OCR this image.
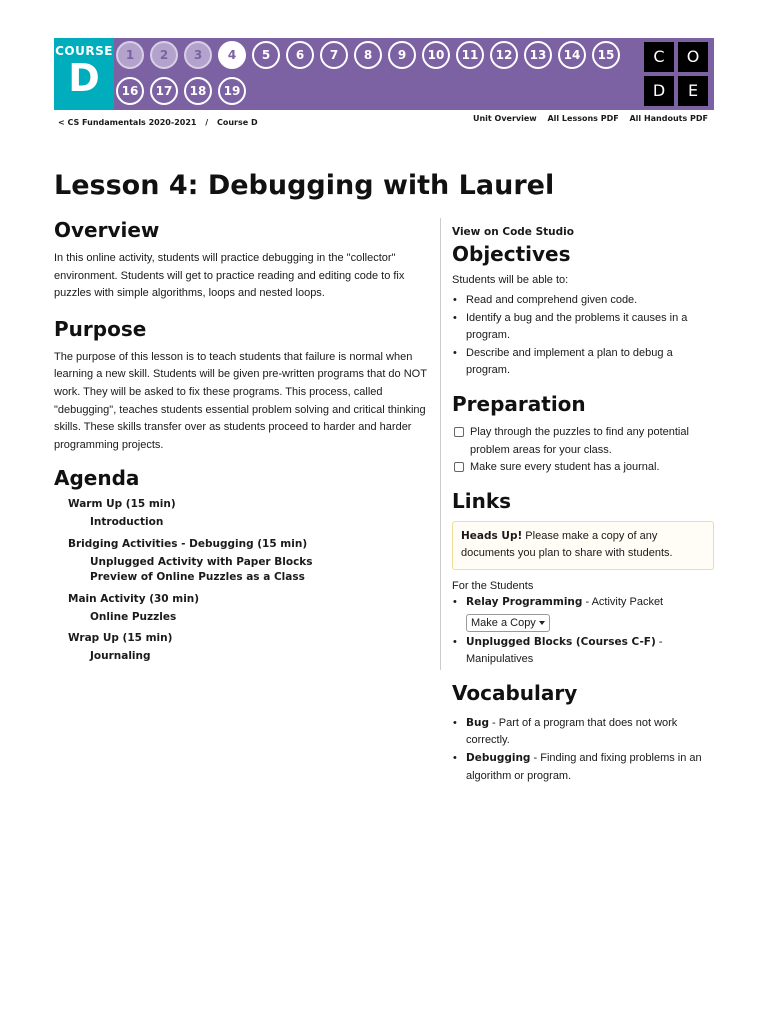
COURSE
D
1	2	3	4	5	6	7	8	9	10	11	12	13	14	15
16	17	18	19
C	O
D	E
< CS Fundamentals 2020-2021 / Course D	Unit Overview All Lessons PDF All Handouts PDF
Lesson 4: Debugging with Laurel
Overview

In this online activity, students will practice debugging in the "collector" environment. Students will get to practice reading and editing code to fix puzzles with simple algorithms, loops and nested loops.

Purpose

The purpose of this lesson is to teach students that failure is normal when learning a new skill. Students will be given pre-written programs that do NOT work. They will be asked to fix these programs. This process, called "debugging", teaches students essential problem solving and critical thinking skills. These skills transfer over as students proceed to harder and harder programming projects.

Agenda
Warm Up (15 min)
Introduction
Bridging Activities - Debugging (15 min)
Unplugged Activity with Paper Blocks
Preview of Online Puzzles as a Class
Main Activity (30 min)
Online Puzzles
Wrap Up (15 min)
Journaling
View on Code Studio
Objectives
Students will be able to:
• Read and comprehend given code.
• Identify a bug and the problems it causes in a program.
• Describe and implement a plan to debug a program.
Preparation
Play through the puzzles to find any potential problem areas for your class.
Make sure every student has a journal.
Links
Heads Up! Please make a copy of any documents you plan to share with students.
For the Students
• Relay Programming - Activity Packet
Make a Copy
• Unplugged Blocks (Courses C-F) - Manipulatives
Vocabulary
• Bug - Part of a program that does not work correctly.
• Debugging - Finding and fixing problems in an algorithm or program.
